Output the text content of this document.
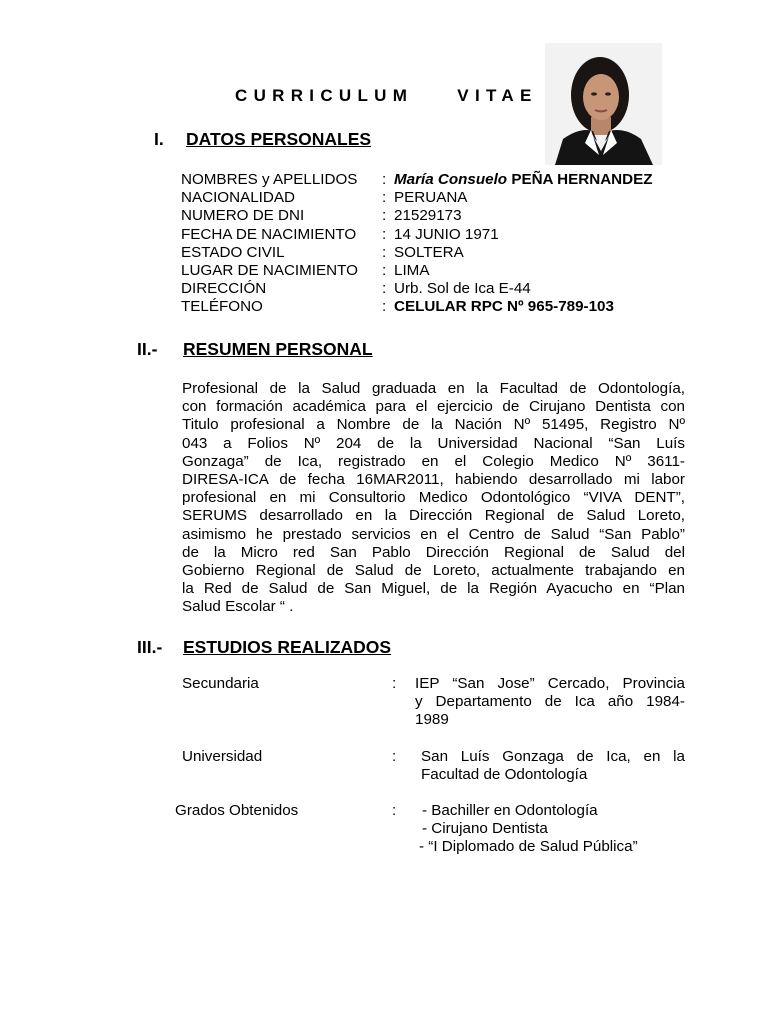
CURRICULUM    VITAE
I. DATOS PERSONALES
NOMBRES y APELLIDOS	: María Consuelo PEÑA HERNANDEZ
NACIONALIDAD	: PERUANA
NUMERO DE DNI	: 21529173
FECHA DE NACIMIENTO	: 14 JUNIO 1971
ESTADO CIVIL	: SOLTERA
LUGAR DE NACIMIENTO	: LIMA
DIRECCIÓN	: Urb. Sol de Ica E-44
TELÉFONO	: CELULAR RPC Nº 965-789-103
II.- RESUMEN PERSONAL
Profesional de la Salud graduada en la Facultad de Odontología,
con formación académica para el ejercicio de Cirujano Dentista con
Titulo profesional a Nombre de la Nación Nº 51495, Registro Nº
043 a Folios Nº 204 de la Universidad Nacional “San Luís
Gonzaga” de Ica, registrado en el Colegio Medico Nº 3611-
DIRESA-ICA de fecha 16MAR2011, habiendo desarrollado mi labor
profesional en mi Consultorio Medico Odontológico “VIVA DENT”,
SERUMS desarrollado en la Dirección Regional de Salud Loreto,
asimismo he prestado servicios en el Centro de Salud “San Pablo”
de la Micro red San Pablo Dirección Regional de Salud del
Gobierno Regional de Salud de Loreto, actualmente trabajando en
la Red de Salud de San Miguel, de la Región Ayacucho en “Plan
Salud Escolar “ .
III.- ESTUDIOS REALIZADOS
Secundaria	: IEP “San Jose” Cercado, Provincia
y Departamento de Ica año 1984-
1989
Universidad	: San Luís Gonzaga de Ica, en la
Facultad de Odontología
Grados Obtenidos	: - Bachiller en Odontología
- Cirujano Dentista
- “I Diplomado de Salud Pública”
